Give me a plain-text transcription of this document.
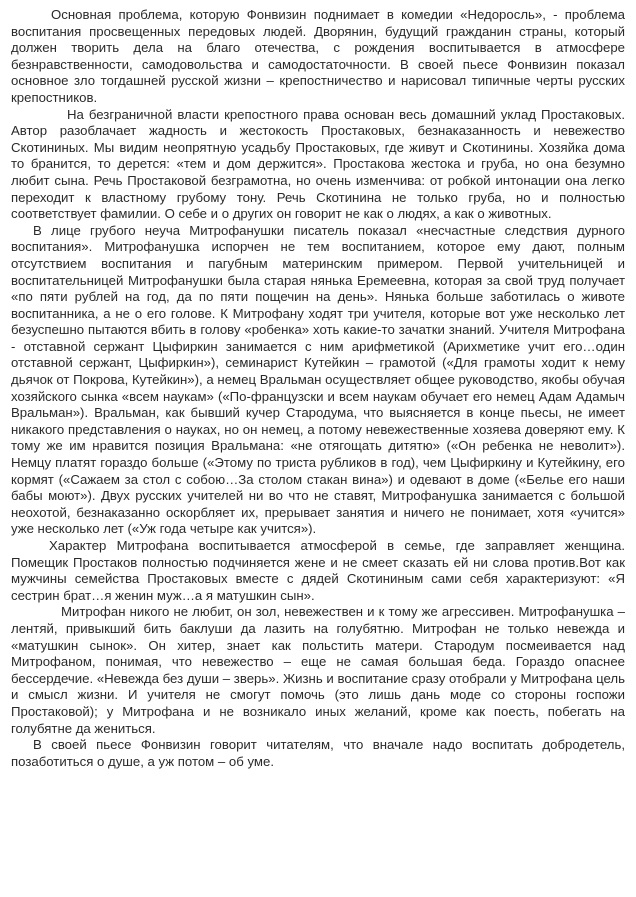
Основная проблема, которую Фонвизин поднимает в комедии «Недоросль», - проблема воспитания просвещенных передовых людей. Дворянин, будущий гражданин страны, который должен творить дела на благо отечества, с рождения воспитывается в атмосфере безнравственности, самодовольства и самодостаточности. В своей пьесе Фонвизин показал основное зло тогдашней русской жизни – крепостничество и нарисовал типичные черты русских крепостников.

На безграничной власти крепостного права основан весь домашний уклад Простаковых. Автор разоблачает жадность и жестокость Простаковых, безнаказанность и невежество Скотининых. Мы видим неопрятную усадьбу Простаковых, где живут и Скотинины. Хозяйка дома то бранится, то дерется: «тем и дом держится». Простакова жестока и груба, но она безумно любит сына. Речь Простаковой безграмотна, но очень изменчива: от робкой интонации она легко переходит к властному грубому тону. Речь Скотинина не только груба, но и полностью соответствует фамилии. О себе и о других он говорит не как о людях, а как о животных.

В лице грубого неуча Митрофанушки писатель показал «несчастные следствия дурного воспитания». Митрофанушка испорчен не тем воспитанием, которое ему дают, полным отсутствием воспитания и пагубным материнским примером. Первой учительницей и воспитательницей Митрофанушки была старая нянька Еремеевна, которая за свой труд получает «по пяти рублей на год, да по пяти пощечин на день». Нянька больше заботилась о животе воспитанника, а не о его голове. К Митрофану ходят три учителя, которые вот уже несколько лет безуспешно пытаются вбить в голову «робенка» хоть какие-то зачатки знаний. Учителя Митрофана - отставной сержант Цыфиркин занимается с ним арифметикой (Арихметике учит его…один отставной сержант, Цыфиркин»), семинарист Кутейкин – грамотой («Для грамоты ходит к нему дьячок от Покрова, Кутейкин»), а немец Вральман осуществляет общее руководство, якобы обучая хозяйского сынка «всем наукам» («По-французски и всем наукам обучает его немец Адам Адамыч Вральман»). Вральман, как бывший кучер Стародума, что выясняется в конце пьесы, не имеет никакого представления о науках, но он немец, а потому невежественные хозяева доверяют ему. К тому же им нравится позиция Вральмана: «не отягощать дитятю» («Он ребенка не неволит»). Немцу платят гораздо больше («Этому по триста рубликов в год), чем Цыфиркину и Кутейкину, его кормят («Сажаем за стол с собою…За столом стакан вина») и одевают в доме («Белье его наши бабы моют»). Двух русских учителей ни во что не ставят, Митрофанушка занимается с большой неохотой, безнаказанно оскорбляет их, прерывает занятия и ничего не понимает, хотя «учится» уже несколько лет («Уж года четыре как учится»).

Характер Митрофана воспитывается атмосферой в семье, где заправляет женщина. Помещик Простаков полностью подчиняется жене и не смеет сказать ей ни слова против.Вот как мужчины семейства Простаковых вместе с дядей Скотининым сами себя характеризуют: «Я сестрин брат…я женин муж…а я матушкин сын».

Митрофан никого не любит, он зол, невежествен и к тому же агрессивен. Митрофанушка – лентяй, привыкший бить баклуши да лазить на голубятню. Митрофан не только невежда и «матушкин сынок». Он хитер, знает как польстить матери. Стародум посмеивается над Митрофаном, понимая, что невежество – еще не самая большая беда. Гораздо опаснее бессердечие. «Невежда без души – зверь». Жизнь и воспитание сразу отобрали у Митрофана цель и смысл жизни. И учителя не смогут помочь (это лишь дань моде со стороны госпожи Простаковой); у Митрофана и не возникало иных желаний, кроме как поесть, побегать на голубятне да жениться.

В своей пьесе Фонвизин говорит читателям, что вначале надо воспитать добродетель, позаботиться о душе, а уж потом – об уме.
